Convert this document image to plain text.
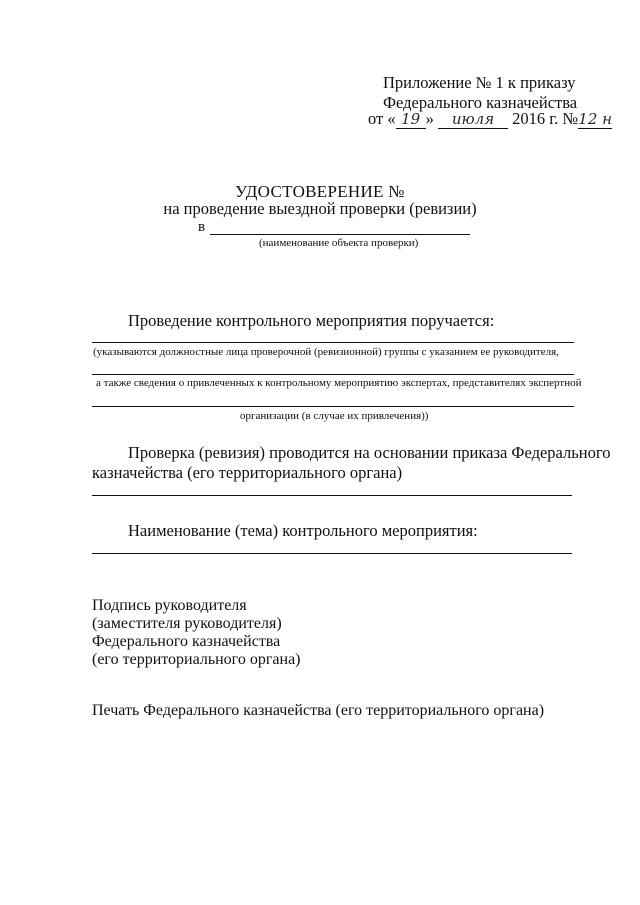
Приложение № 1 к приказу
Федерального казначейства
от « 19 » июля 2016 г. №12 н
УДОСТОВЕРЕНИЕ №
на проведение выездной проверки (ревизии)
в
(наименование объекта проверки)
Проведение контрольного мероприятия поручается:
(указываются должностные лица проверочной (ревизионной) группы с указанием ее руководителя,
а также сведения о привлеченных к контрольному мероприятию экспертах, представителях экспертной
организации (в случае их привлечения))
Проверка (ревизия) проводится на основании приказа Федерального
казначейства (его территориального органа)
Наименование (тема) контрольного мероприятия:
Подпись руководителя
(заместителя руководителя)
Федерального казначейства
(его территориального органа)
Печать Федерального казначейства (его территориального органа)
